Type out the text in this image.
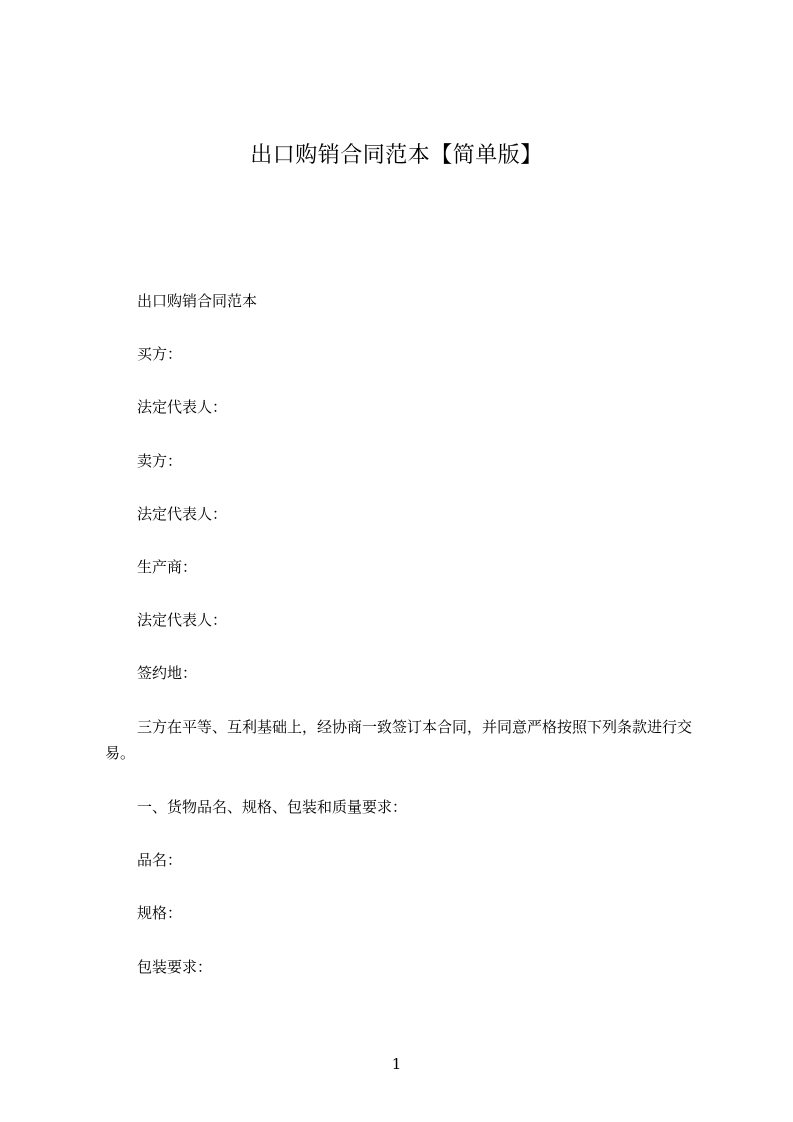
出口购销合同范本【简单版】
出口购销合同范本
买方：
法定代表人：
卖方：
法定代表人：
生产商：
法定代表人：
签约地：
三方在平等、互利基础上，经协商一致签订本合同，并同意严格按照下列条款进行交易。
一、货物品名、规格、包装和质量要求：
品名：
规格：
包装要求：
1
